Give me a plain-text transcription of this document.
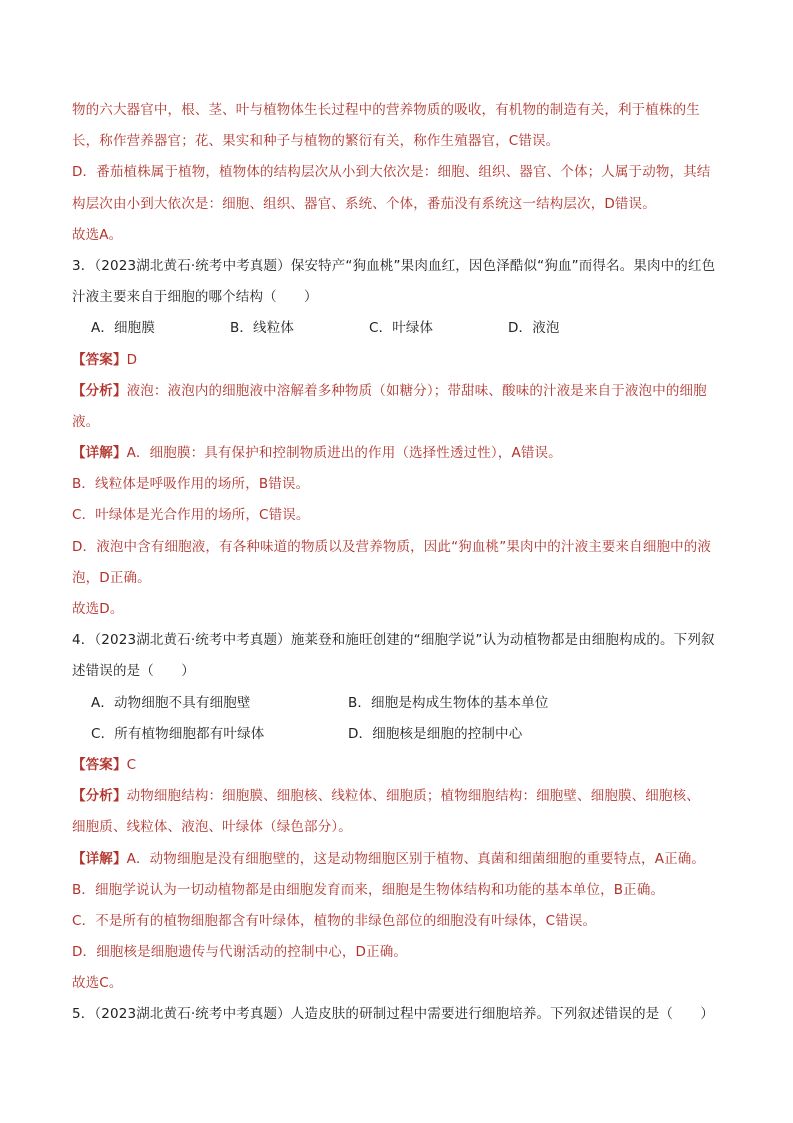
物的六大器官中，根、茎、叶与植物体生长过程中的营养物质的吸收，有机物的制造有关，利于植株的生
长，称作营养器官；花、果实和种子与植物的繁衍有关，称作生殖器官，C错误。
D．番茄植株属于植物，植物体的结构层次从小到大依次是：细胞、组织、器官、个体；人属于动物，其结
构层次由小到大依次是：细胞、组织、器官、系统、个体，番茄没有系统这一结构层次，D错误。
故选A。
3．（2023湖北黄石·统考中考真题）保安特产“狗血桃”果肉血红，因色泽酷似“狗血”而得名。果肉中的红色
汁液主要来自于细胞的哪个结构（　　）
A．细胞膜	B．线粒体	C．叶绿体	D．液泡
【答案】D
【分析】液泡：液泡内的细胞液中溶解着多种物质（如糖分）；带甜味、酸味的汁液是来自于液泡中的细胞
液。
【详解】A．细胞膜：具有保护和控制物质进出的作用（选择性透过性），A错误。
B．线粒体是呼吸作用的场所，B错误。
C．叶绿体是光合作用的场所，C错误。
D．液泡中含有细胞液，有各种味道的物质以及营养物质，因此“狗血桃”果肉中的汁液主要来自细胞中的液
泡，D正确。
故选D。
4．（2023湖北黄石·统考中考真题）施莱登和施旺创建的“细胞学说”认为动植物都是由细胞构成的。下列叙
述错误的是（　　）
A．动物细胞不具有细胞壁	B．细胞是构成生物体的基本单位
C．所有植物细胞都有叶绿体	D．细胞核是细胞的控制中心
【答案】C
【分析】动物细胞结构：细胞膜、细胞核、线粒体、细胞质；植物细胞结构：细胞壁、细胞膜、细胞核、
细胞质、线粒体、液泡、叶绿体（绿色部分）。
【详解】A．动物细胞是没有细胞壁的，这是动物细胞区别于植物、真菌和细菌细胞的重要特点，A正确。
B．细胞学说认为一切动植物都是由细胞发育而来，细胞是生物体结构和功能的基本单位，B正确。
C．不是所有的植物细胞都含有叶绿体，植物的非绿色部位的细胞没有叶绿体，C错误。
D．细胞核是细胞遗传与代谢活动的控制中心，D正确。
故选C。
5．（2023湖北黄石·统考中考真题）人造皮肤的研制过程中需要进行细胞培养。下列叙述错误的是（　　）
